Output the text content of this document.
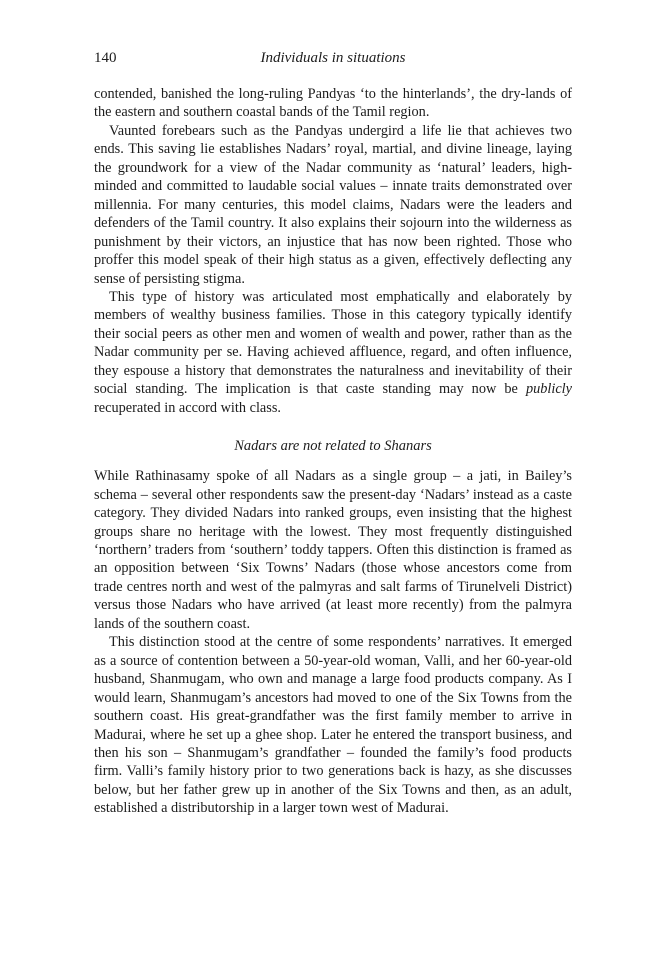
140	Individuals in situations

contended, banished the long-ruling Pandyas ‘to the hinterlands’, the dry-lands of the eastern and southern coastal bands of the Tamil region.

Vaunted forebears such as the Pandyas undergird a life lie that achieves two ends. This saving lie establishes Nadars’ royal, martial, and divine lineage, laying the groundwork for a view of the Nadar community as ‘natural’ leaders, high-minded and committed to laudable social values – innate traits demonstrated over millennia. For many centuries, this model claims, Nadars were the leaders and defenders of the Tamil country. It also explains their sojourn into the wilderness as punishment by their victors, an injustice that has now been righted. Those who proffer this model speak of their high status as a given, effectively deflecting any sense of persisting stigma.

This type of history was articulated most emphatically and elaborately by members of wealthy business families. Those in this category typically identify their social peers as other men and women of wealth and power, rather than as the Nadar community per se. Having achieved affluence, regard, and often influence, they espouse a history that demonstrates the naturalness and inevitability of their social standing. The implication is that caste standing may now be publicly recuperated in accord with class.

Nadars are not related to Shanars

While Rathinasamy spoke of all Nadars as a single group – a jati, in Bailey’s schema – several other respondents saw the present-day ‘Nadars’ instead as a caste category. They divided Nadars into ranked groups, even insisting that the highest groups share no heritage with the lowest. They most frequently distinguished ‘northern’ traders from ‘southern’ toddy tappers. Often this distinction is framed as an opposition between ‘Six Towns’ Nadars (those whose ancestors come from trade centres north and west of the palmyras and salt farms of Tirunelveli District) versus those Nadars who have arrived (at least more recently) from the palmyra lands of the southern coast.

This distinction stood at the centre of some respondents’ narratives. It emerged as a source of contention between a 50-year-old woman, Valli, and her 60-year-old husband, Shanmugam, who own and manage a large food products company. As I would learn, Shanmugam’s ancestors had moved to one of the Six Towns from the southern coast. His great-grandfather was the first family member to arrive in Madurai, where he set up a ghee shop. Later he entered the transport business, and then his son – Shanmugam’s grandfather – founded the family’s food products firm. Valli’s family history prior to two generations back is hazy, as she discusses below, but her father grew up in another of the Six Towns and then, as an adult, established a distributorship in a larger town west of Madurai.
